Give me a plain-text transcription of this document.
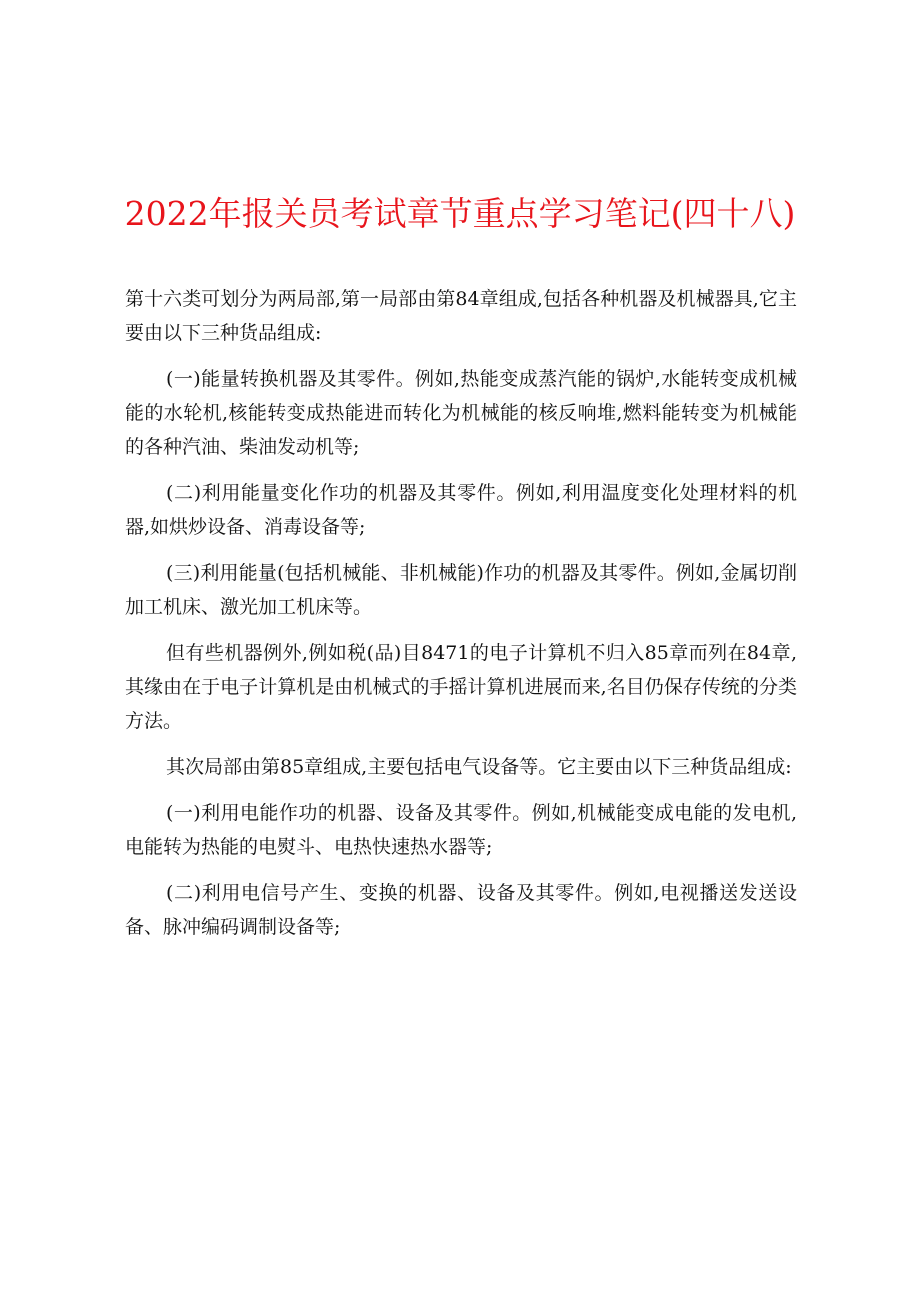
2022年报关员考试章节重点学习笔记(四十八)

第十六类可划分为两局部,第一局部由第84章组成,包括各种机器及机械器具,它主要由以下三种货品组成:

(一)能量转换机器及其零件。例如,热能变成蒸汽能的锅炉,水能转变成机械能的水轮机,核能转变成热能进而转化为机械能的核反响堆,燃料能转变为机械能的各种汽油、柴油发动机等;

(二)利用能量变化作功的机器及其零件。例如,利用温度变化处理材料的机器,如烘炒设备、消毒设备等;

(三)利用能量(包括机械能、非机械能)作功的机器及其零件。例如,金属切削加工机床、激光加工机床等。

但有些机器例外,例如税(品)目8471的电子计算机不归入85章而列在84章,其缘由在于电子计算机是由机械式的手摇计算机进展而来,名目仍保存传统的分类方法。

其次局部由第85章组成,主要包括电气设备等。它主要由以下三种货品组成:

(一)利用电能作功的机器、设备及其零件。例如,机械能变成电能的发电机,电能转为热能的电熨斗、电热快速热水器等;

(二)利用电信号产生、变换的机器、设备及其零件。例如,电视播送发送设备、脉冲编码调制设备等;
